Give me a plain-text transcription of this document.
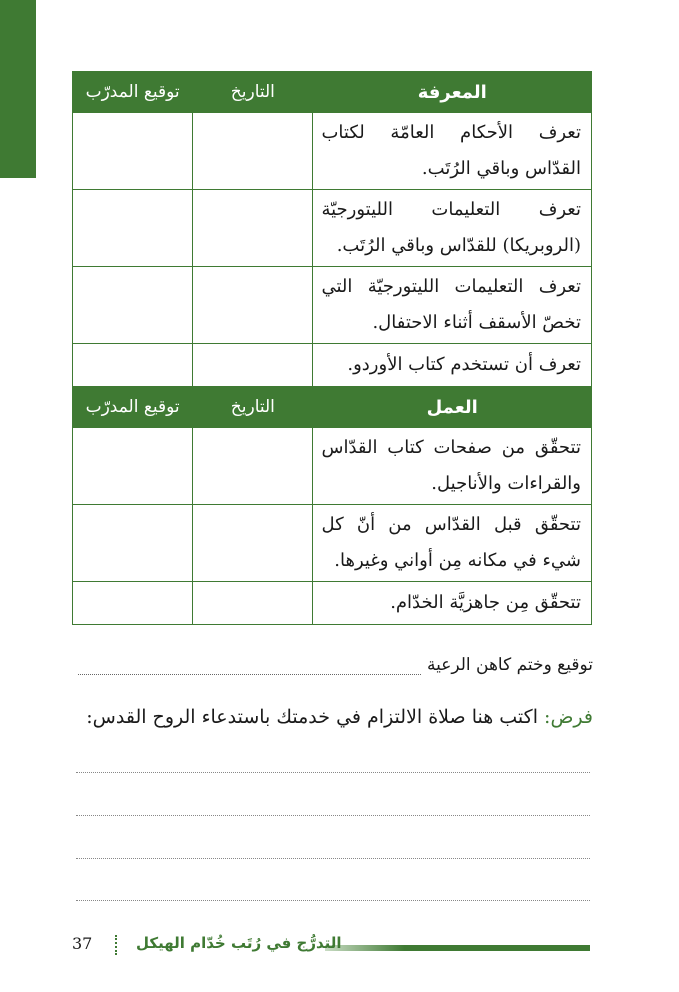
المعرفة	التاريخ	توقيع المدرّب
تعرف الأحكام العامّة لكتاب القدّاس وباقي الرُتَب.		
تعرف التعليمات الليتورجيّة (الروبريكا) للقدّاس وباقي الرُتَب.		
تعرف التعليمات الليتورجيّة التي تخصّ الأسقف أثناء الاحتفال.		
تعرف أن تستخدم كتاب الأوردو.		
العمل	التاريخ	توقيع المدرّب
تتحقّق من صفحات كتاب القدّاس والقراءات والأناجيل.		
تتحقّق قبل القدّاس من أنّ كل شيء في مكانه مِن أواني وغيرها.		
تتحقّق مِن جاهزيَّة الخدّام.		
توقيع وختم كاهن الرعية
فرض: اكتب هنا صلاة الالتزام في خدمتك باستدعاء الروح القدس:
التدرُّج في رُتَب خُدّام الهيكل
37
